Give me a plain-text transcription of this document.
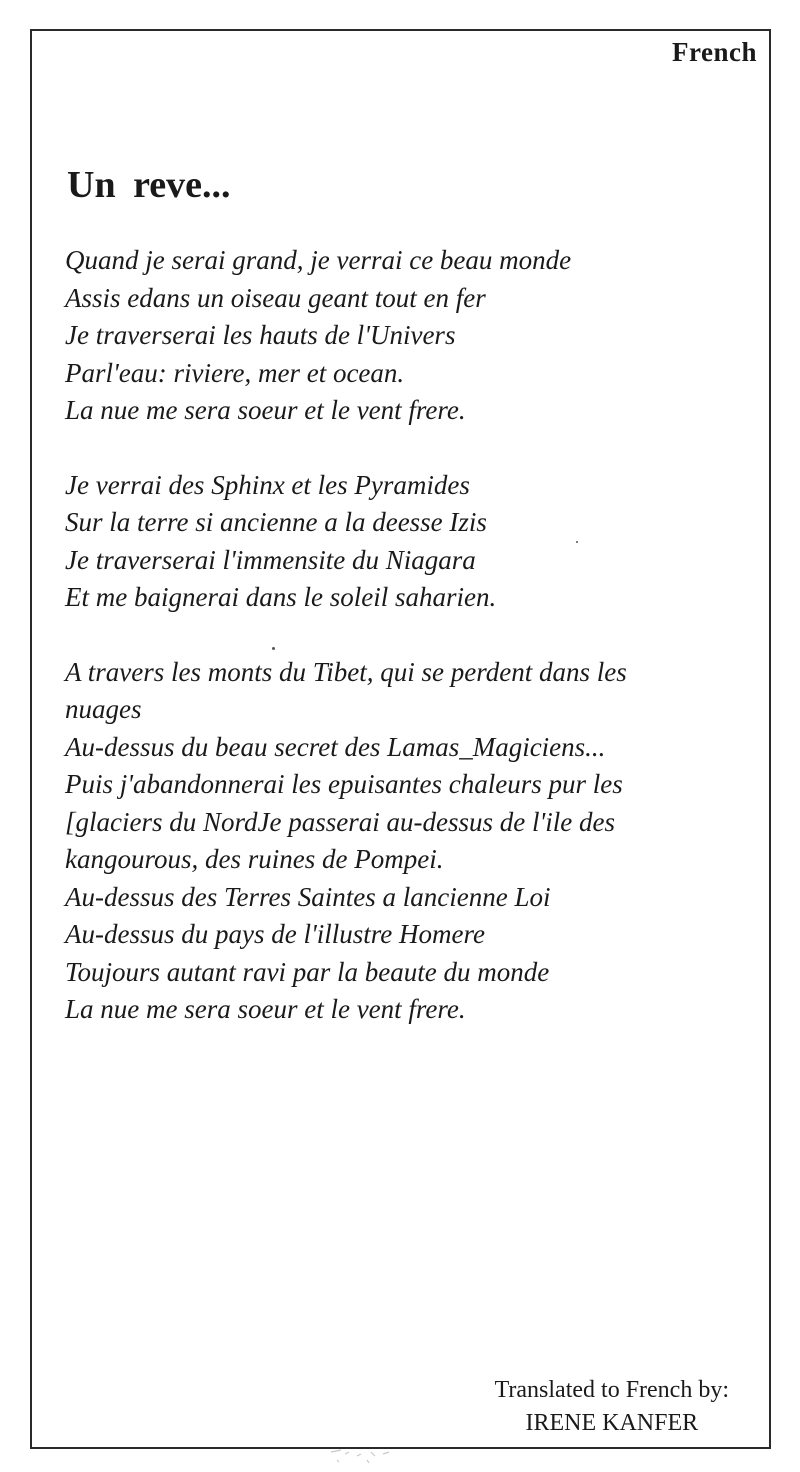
French
Un reve...
Quand je serai grand, je verrai ce beau monde
Assis edans un oiseau geant tout en fer
Je traverserai les hauts de l'Univers
Parl'eau: riviere, mer et ocean.
La nue me sera soeur et le vent frere.
Je verrai des Sphinx et les Pyramides
Sur la terre si ancienne a la deesse Izis
Je traverserai l'immensite du Niagara
Et me baignerai dans le soleil saharien.
A travers les monts du Tibet, qui se perdent dans les
nuages
Au-dessus du beau secret des Lamas_Magiciens...
Puis j'abandonnerai les epuisantes chaleurs pur les
[glaciers du NordJe passerai au-dessus de l'ile des
kangourous, des ruines de Pompei.
Au-dessus des Terres Saintes a lancienne Loi
Au-dessus du pays de l'illustre Homere
Toujours autant ravi par la beaute du monde
La nue me sera soeur et le vent frere.
Translated to French by:
IRENE KANFER
